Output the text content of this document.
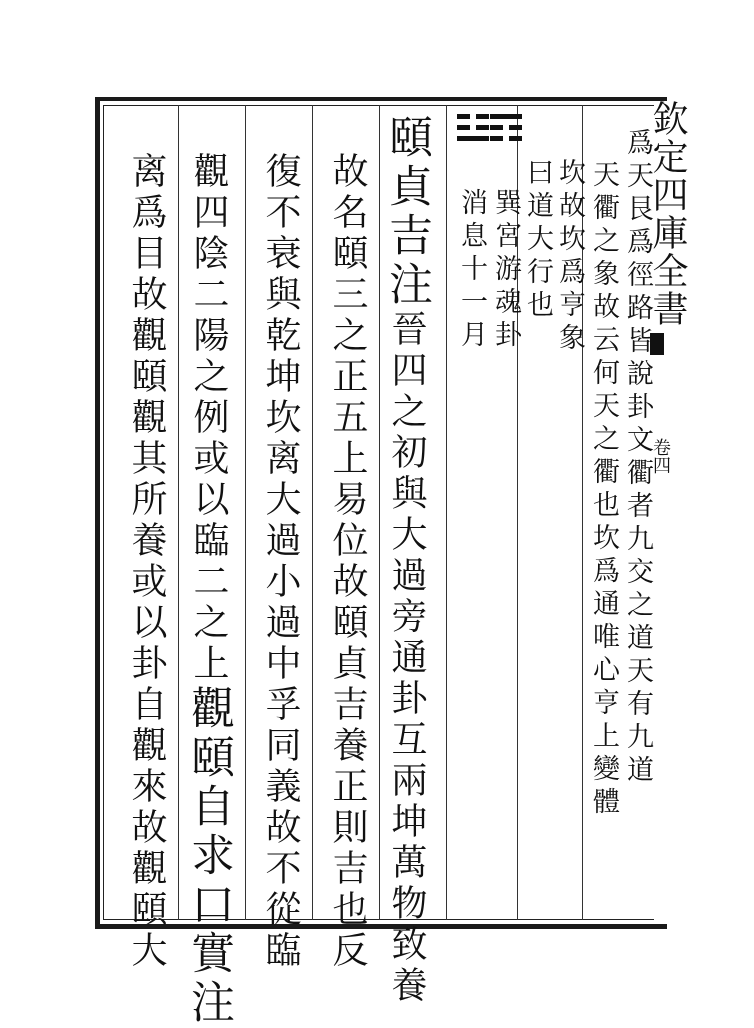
欽定四庫全書
卷四
爲天艮爲徑路皆說卦文衢者九交之道天有九道
天衢之象故云何天之衢也坎爲通唯心亨上變體
坎故坎爲亨象
曰道大行也
巽宮游魂卦
消息十一月
頤貞吉注晉四之初與大過旁通卦互兩坤萬物致養
故名頤三之正五上易位故頤貞吉養正則吉也反
復不衰與乾坤坎离大過小過中孚同義故不從臨
觀四陰二陽之例或以臨二之上觀頤自求口實注
离爲目故觀頤觀其所養或以卦自觀來故觀頤大
